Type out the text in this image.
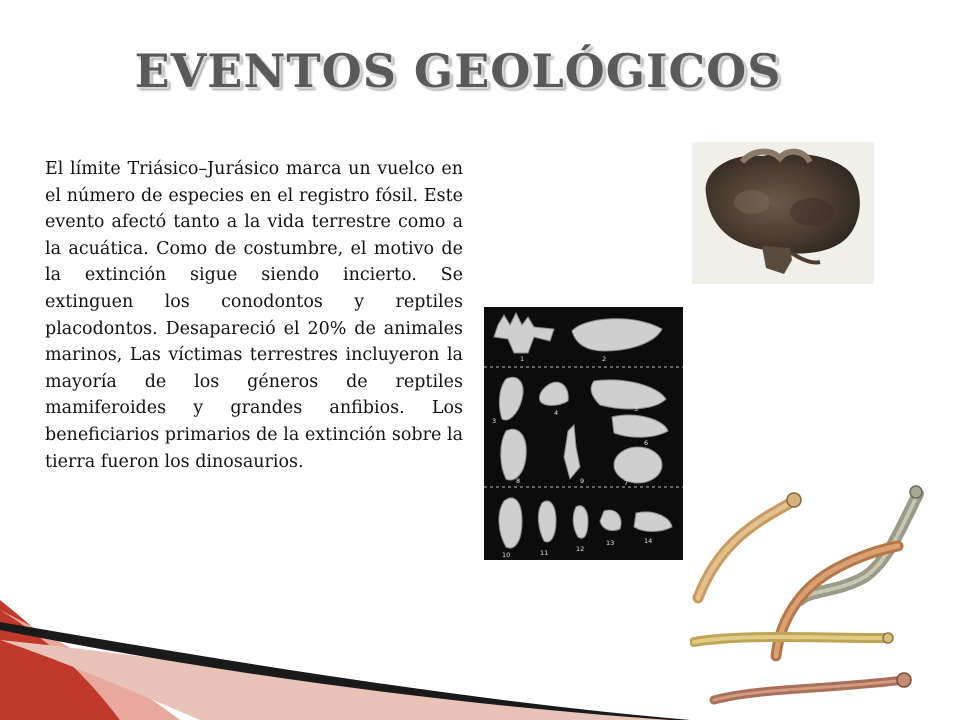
EVENTOS GEOLÓGICOS
El límite Triásico–Jurásico marca un vuelco en el número de especies en el registro fósil. Este evento afectó tanto a la vida terrestre como a la acuática. Como de costumbre, el motivo de la extinción sigue siendo incierto. Se extinguen los conodontos y reptiles placodontos. Desapareció el 20% de animales marinos, Las víctimas terrestres incluyeron la mayoría de los géneros de reptiles mamiferoides y grandes anfibios. Los beneficiarios primarios de la extinción sobre la tierra fueron los dinosaurios.
1	2
3
4	5
6
7
8	9
10	11	12
13	14
